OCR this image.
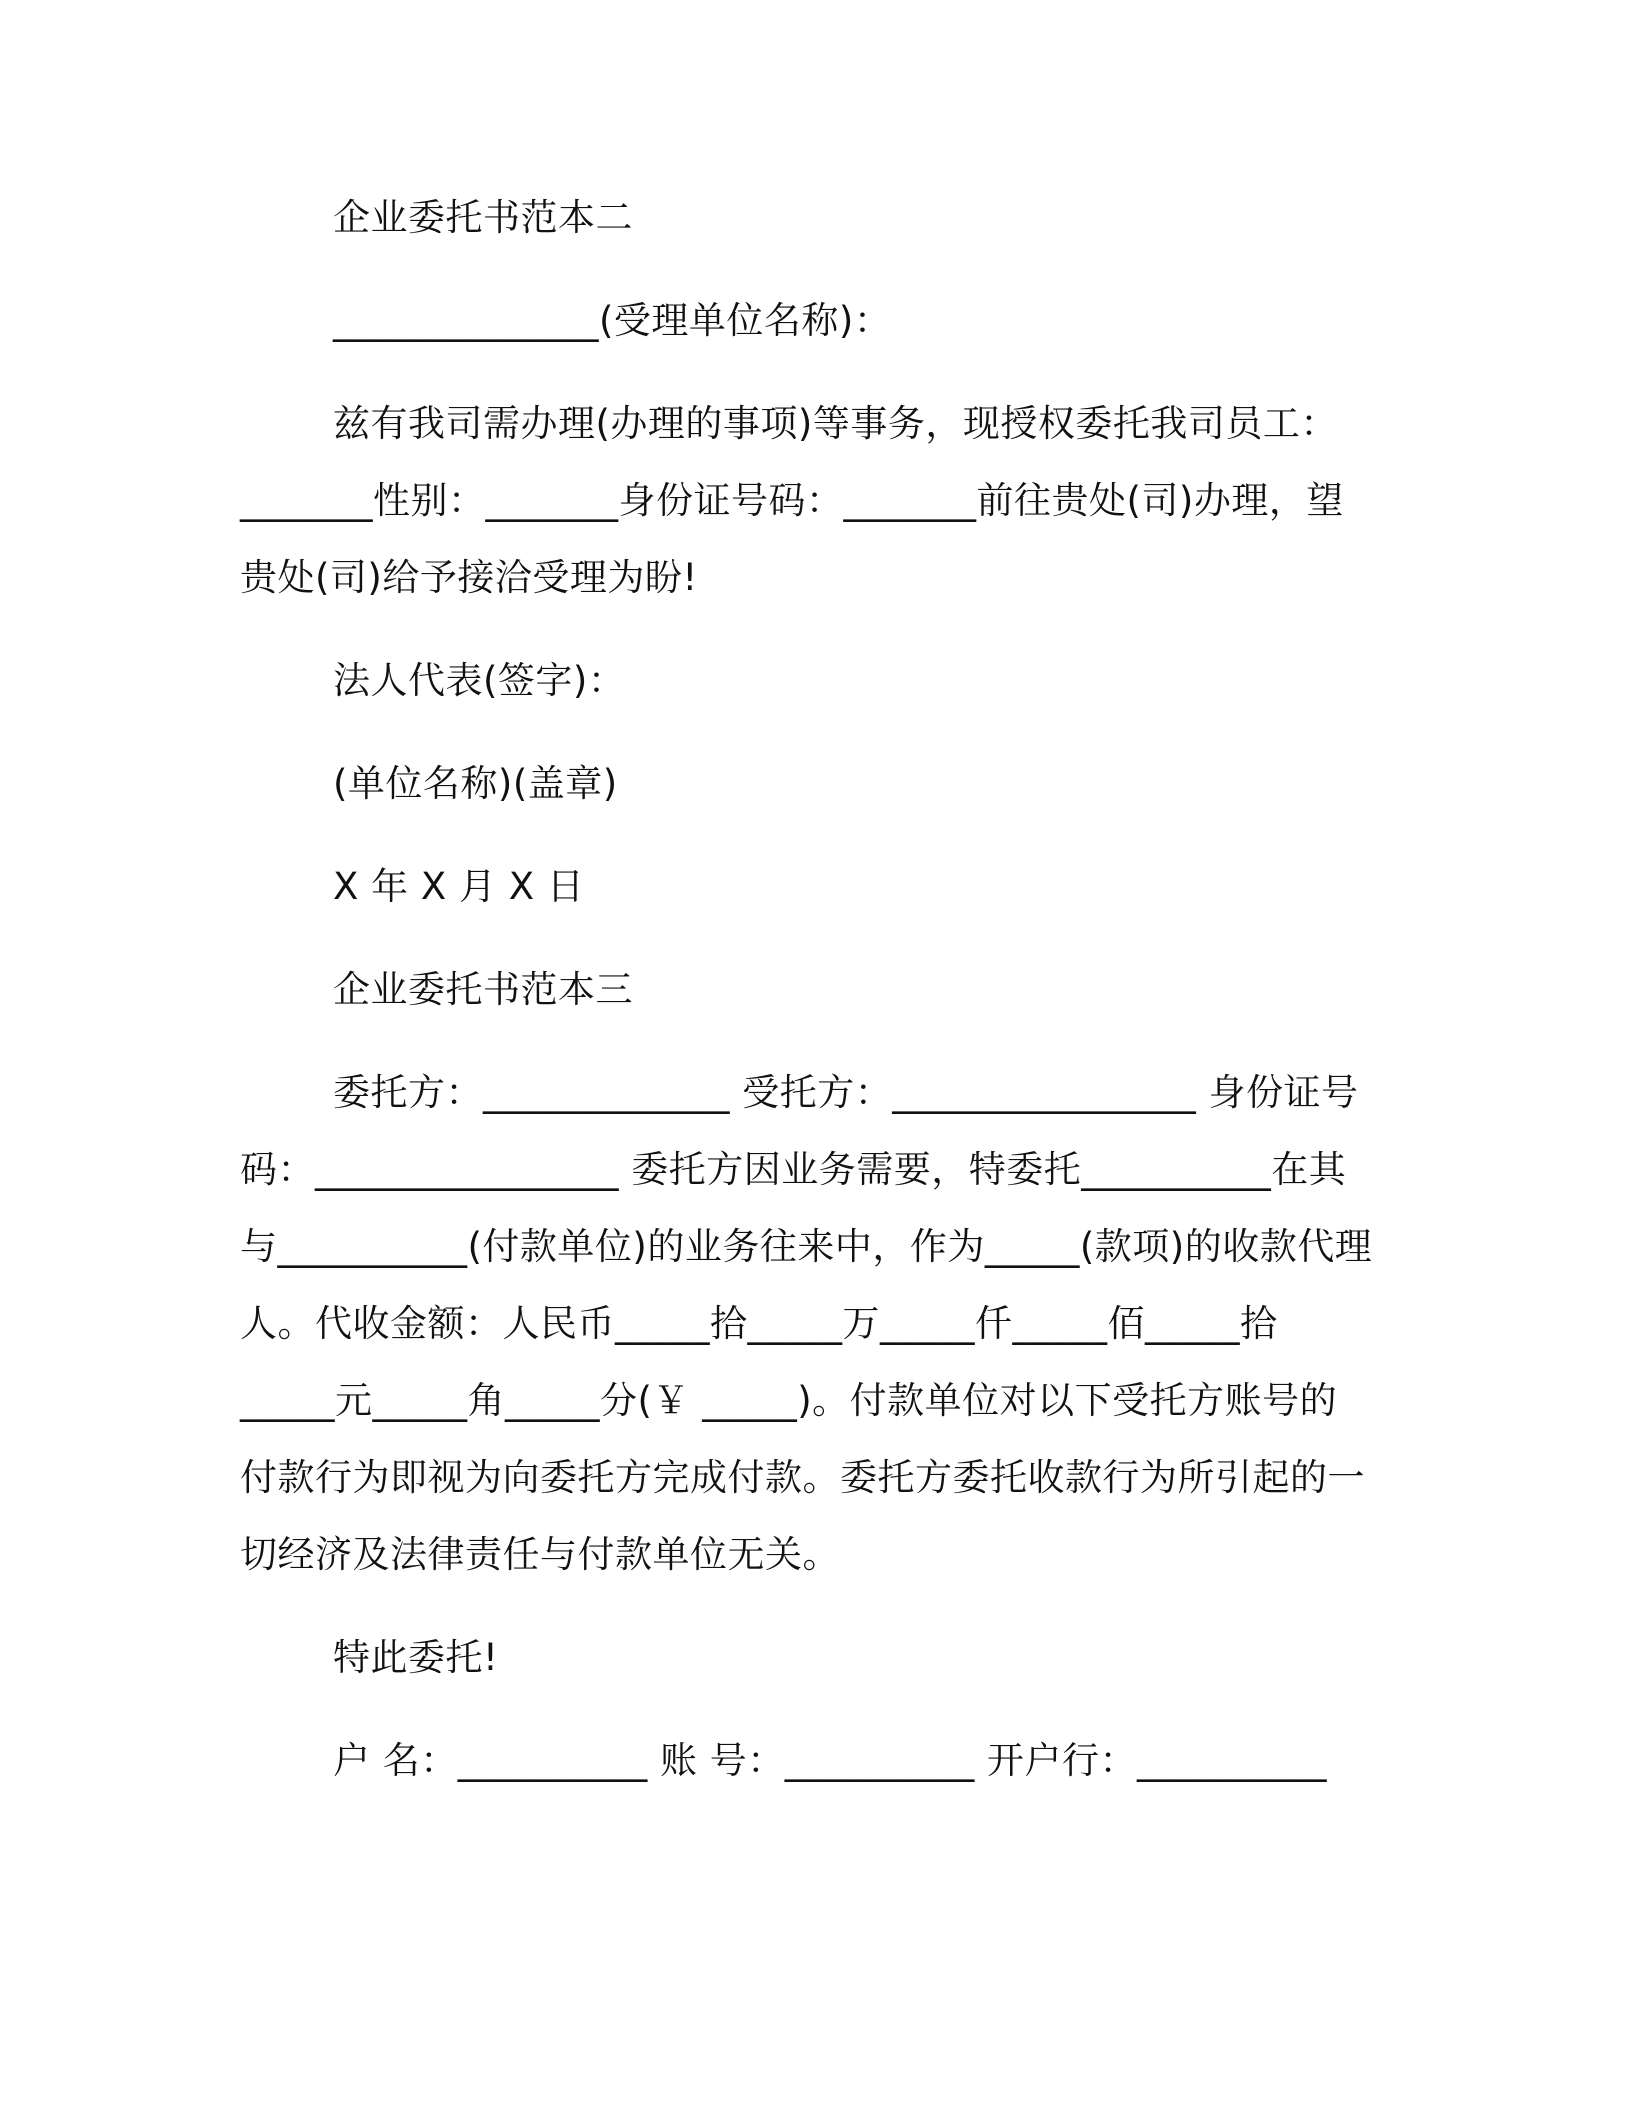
企业委托书范本二
______________(受理单位名称)：
兹有我司需办理(办理的事项)等事务，现授权委托我司员工：
_______性别：_______身份证号码：_______前往贵处(司)办理，望
贵处(司)给予接洽受理为盼!
法人代表(签字)：
(单位名称)(盖章)
X 年 X 月 X 日
企业委托书范本三
委托方：_____________ 受托方：________________ 身份证号
码：________________ 委托方因业务需要，特委托__________在其
与__________(付款单位)的业务往来中，作为_____(款项)的收款代理
人。代收金额：人民币_____拾_____万_____仟_____佰_____拾
_____元_____角_____分(￥ _____)。付款单位对以下受托方账号的
付款行为即视为向委托方完成付款。委托方委托收款行为所引起的一
切经济及法律责任与付款单位无关。
特此委托!
户 名：__________ 账 号：__________ 开户行：__________
